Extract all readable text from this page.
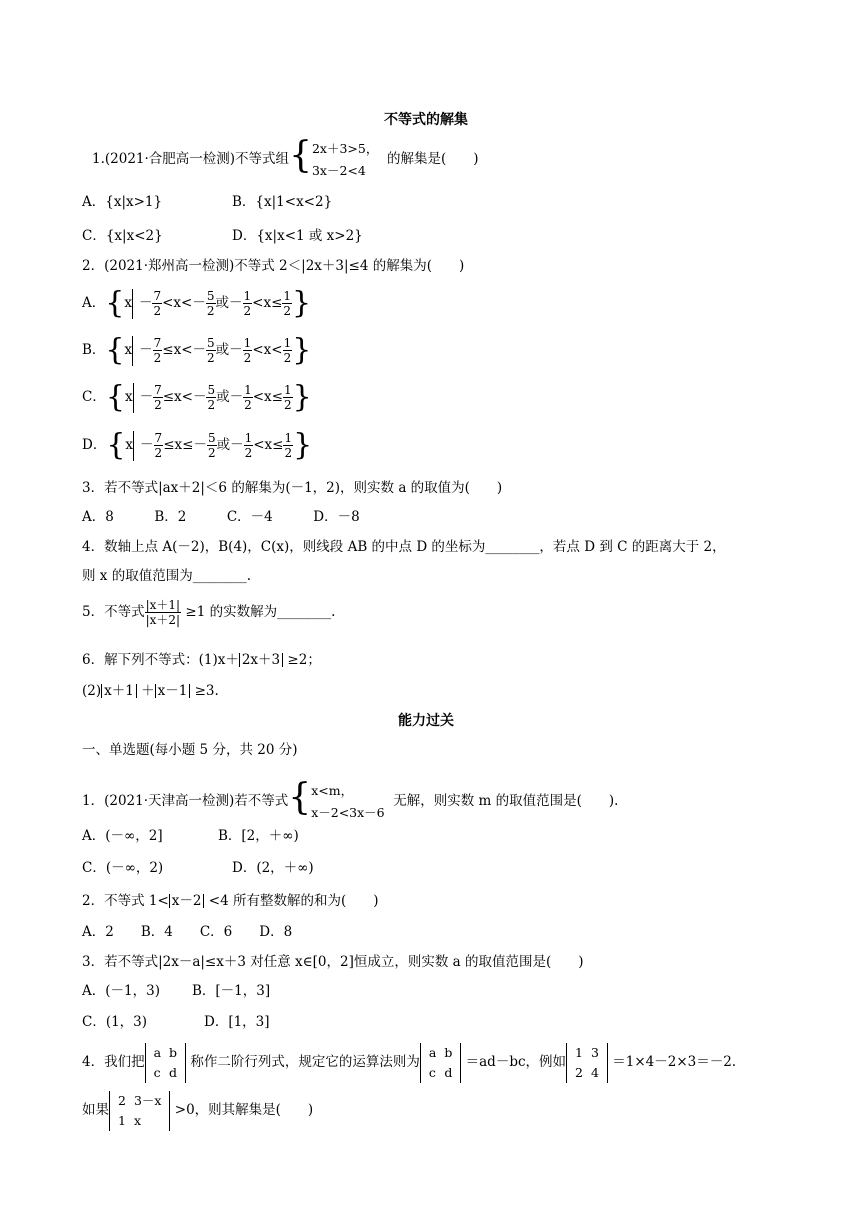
不等式的解集
1.(2021·合肥高一检测)不等式组{ 2x＋3>5，
3x－2<4
的解集是(　　)
A．{x|x>1}	B．{x|1<x<2}
C．{x|x<2}	D．{x|x<1 或 x>2}
2．(2021·郑州高一检测)不等式 2＜|2x＋3|≤4 的解集为(　　)
A．{$x - \frac{7}{2} <x<- \frac{5}{2}$ 或－ $\frac{1}{2} <x\le \frac{1}{2}$ }
B．{$x - \frac{7}{2} \le x<- \frac{5}{2}$ 或－ $\frac{1}{2} <x< \frac{1}{2}$ }
C．{$x - \frac{7}{2} \le x<- \frac{5}{2}$ 或－ $\frac{1}{2} <x\le \frac{1}{2}$ }
D．{$x - \frac{7}{2} \le x\le- \frac{5}{2}$ 或－ $\frac{1}{2} <x\le \frac{1}{2}$ }
3．若不等式|ax＋2|＜6 的解集为(－1，2)，则实数 a 的取值为(　　)
A．8　　　B．2　　　C．－4　　　D．－8
4．数轴上点 A(－2)，B(4)，C(x)，则线段 AB 的中点 D 的坐标为________，若点 D 到 C 的距离大于 2，
则 x 的取值范围为________.
5．不等式 $\frac{|x+1|}{|x+2|} \ge 1$ 的实数解为________.
6．解下列不等式：(1)x＋ 2x＋3 ≥2；
(2) x＋1 ＋ x－1 ≥3.
能力过关
一、单选题(每小题 5 分，共 20 分)
1．(2021·天津高一检测)若不等式{ x<m，
x－2<3x－6
无解，则实数 m 的取值范围是(　　).
A．(－∞，2]	B．[2，＋∞)
C．(－∞，2)	D．(2，＋∞)
2．不等式 1< x－2 <4 所有整数解的和为(　　)
A．2　　B．4　　C．6　　D．8
3．若不等式|2x－a|≤x＋3 对任意 x∈[0，2]恒成立，则实数 a 的取值范围是(　　)
A．(－1，3) B．[－1，3]
C．(1，3)	D．[1，3]
4．我们把
a	b
c	d
称作二阶行列式，规定它的运算法则为
a	b
c	d
＝ad－bc，例如
1	3
2	4
＝1×4－2×3＝－2.
如果
2	3－x
1	x
>0，则其解集是(　　)
